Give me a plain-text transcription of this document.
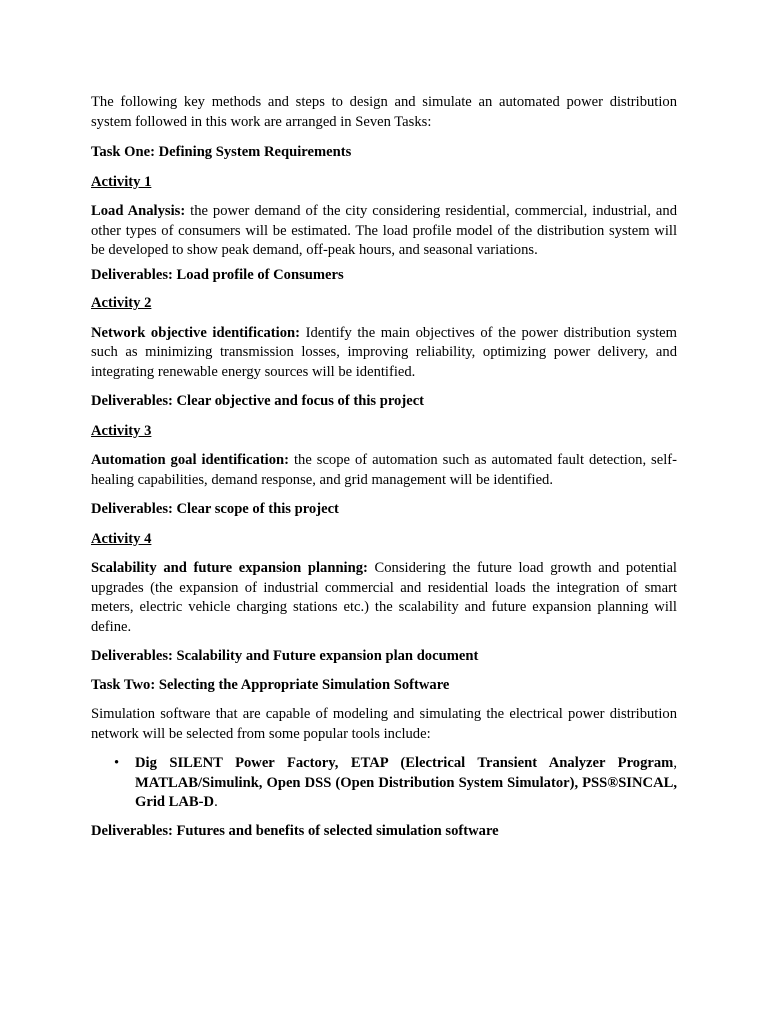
The following key methods and steps to design and simulate an automated power distribution system followed in this work are arranged in Seven Tasks:

Task One: Defining System Requirements

Activity 1

Load Analysis: the power demand of the city considering residential, commercial, industrial, and other types of consumers will be estimated. The load profile model of the distribution system will be developed to show peak demand, off-peak hours, and seasonal variations.

Deliverables: Load profile of Consumers

Activity 2

Network objective identification: Identify the main objectives of the power distribution system such as minimizing transmission losses, improving reliability, optimizing power delivery, and integrating renewable energy sources will be identified.

Deliverables: Clear objective and focus of this project

Activity 3

Automation goal identification: the scope of automation such as automated fault detection, self-healing capabilities, demand response, and grid management will be identified.

Deliverables: Clear scope of this project

Activity 4

Scalability and future expansion planning: Considering the future load growth and potential upgrades (the expansion of industrial commercial and residential loads the integration of smart meters, electric vehicle charging stations etc.) the scalability and future expansion planning will define.

Deliverables: Scalability and Future expansion plan document

Task Two: Selecting the Appropriate Simulation Software

Simulation software that are capable of modeling and simulating the electrical power distribution network will be selected from some popular tools include:

• Dig SILENT Power Factory, ETAP (Electrical Transient Analyzer Program, MATLAB/Simulink, Open DSS (Open Distribution System Simulator), PSS®SINCAL, Grid LAB-D.

Deliverables: Futures and benefits of selected simulation software
